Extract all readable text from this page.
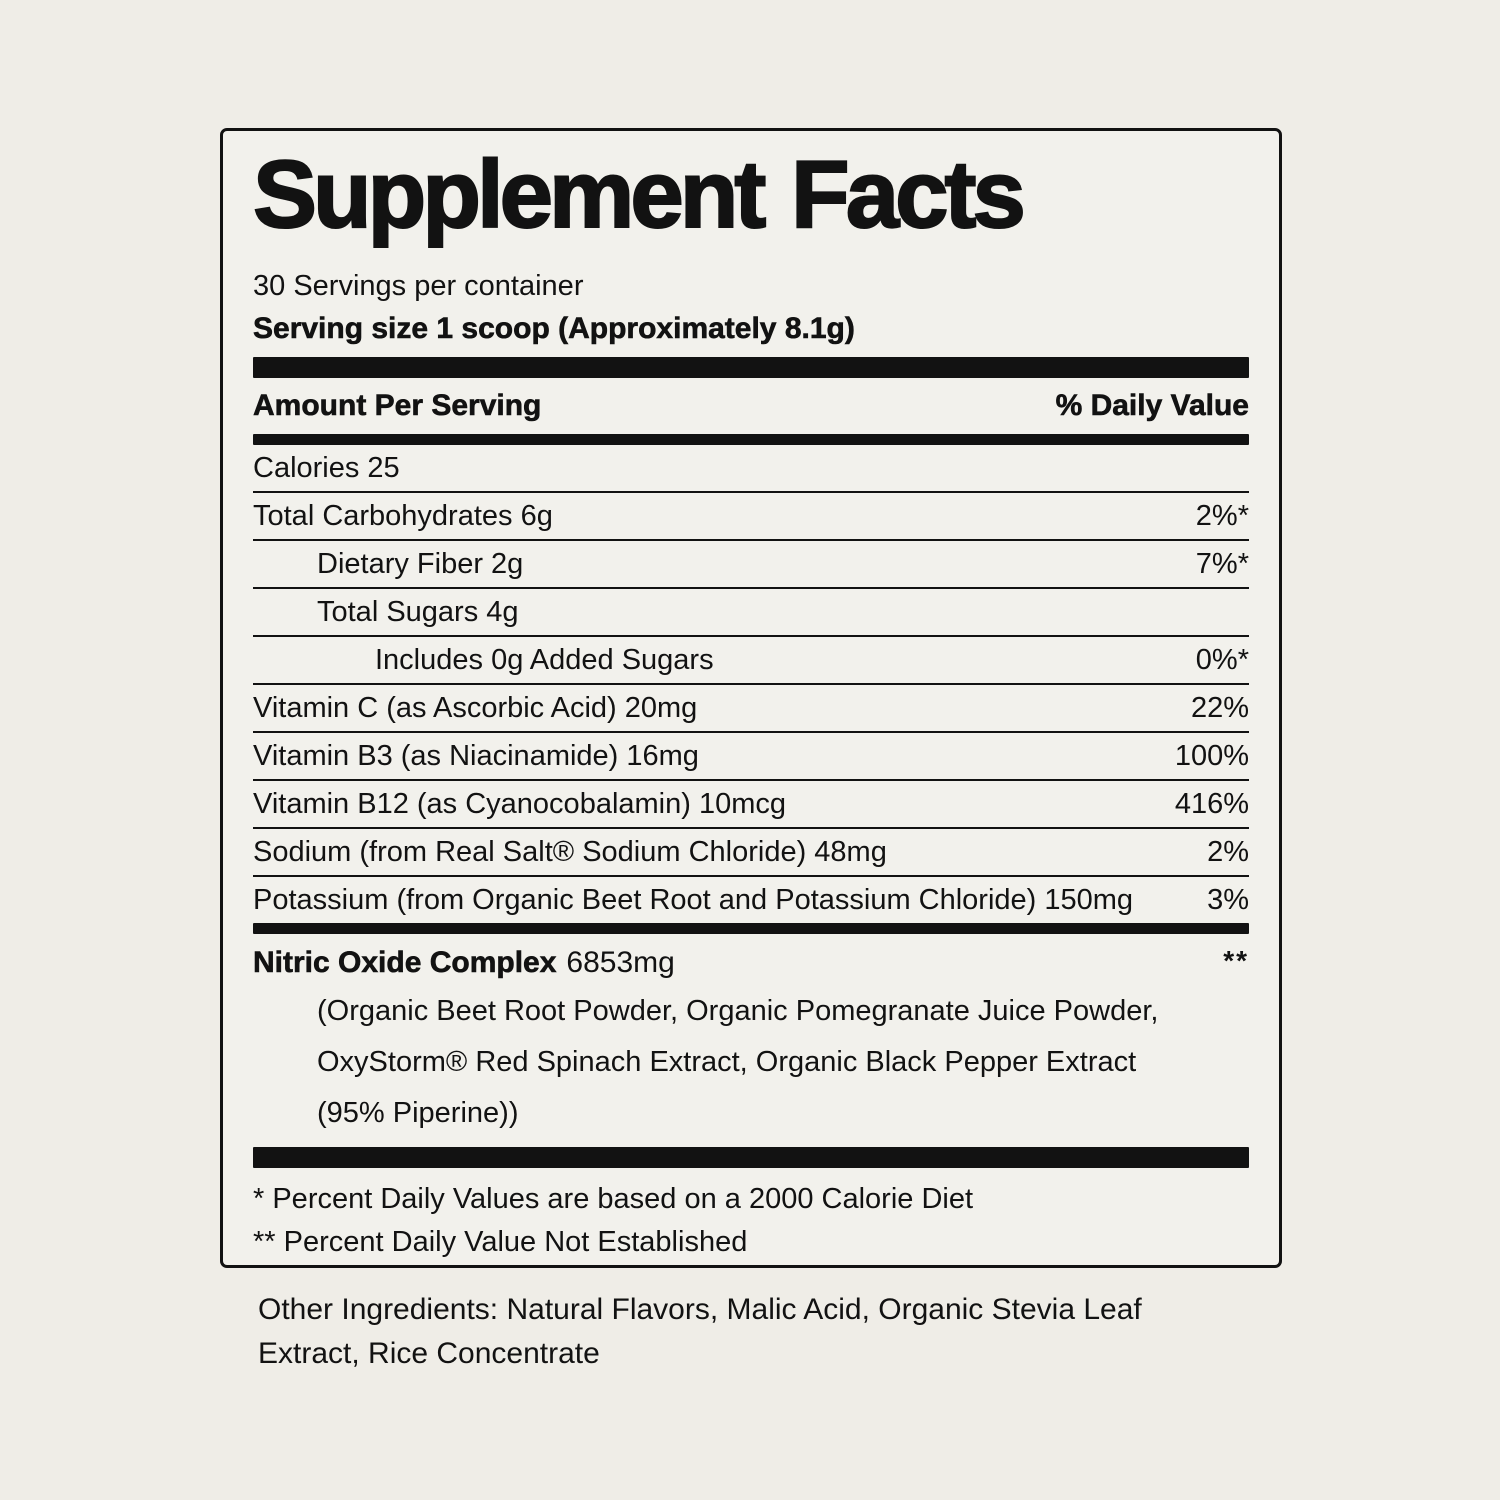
Supplement Facts

30 Servings per container

Serving size 1 scoop (Approximately 8.1g)

Amount Per Serving	% Daily Value
Calories 25
Total Carbohydrates 6g	2%*
Dietary Fiber 2g	7%*
Total Sugars 4g
Includes 0g Added Sugars	0%*
Vitamin C (as Ascorbic Acid) 20mg	22%
Vitamin B3 (as Niacinamide) 16mg	100%
Vitamin B12 (as Cyanocobalamin) 10mcg	416%
Sodium (from Real Salt® Sodium Chloride) 48mg	2%
Potassium (from Organic Beet Root and Potassium Chloride) 150mg	3%
Nitric Oxide Complex 6853mg	**

(Organic Beet Root Powder, Organic Pomegranate Juice Powder,

OxyStorm® Red Spinach Extract, Organic Black Pepper Extract

(95% Piperine))

* Percent Daily Values are based on a 2000 Calorie Diet

** Percent Daily Value Not Established

Other Ingredients: Natural Flavors, Malic Acid, Organic Stevia Leaf Extract, Rice Concentrate
